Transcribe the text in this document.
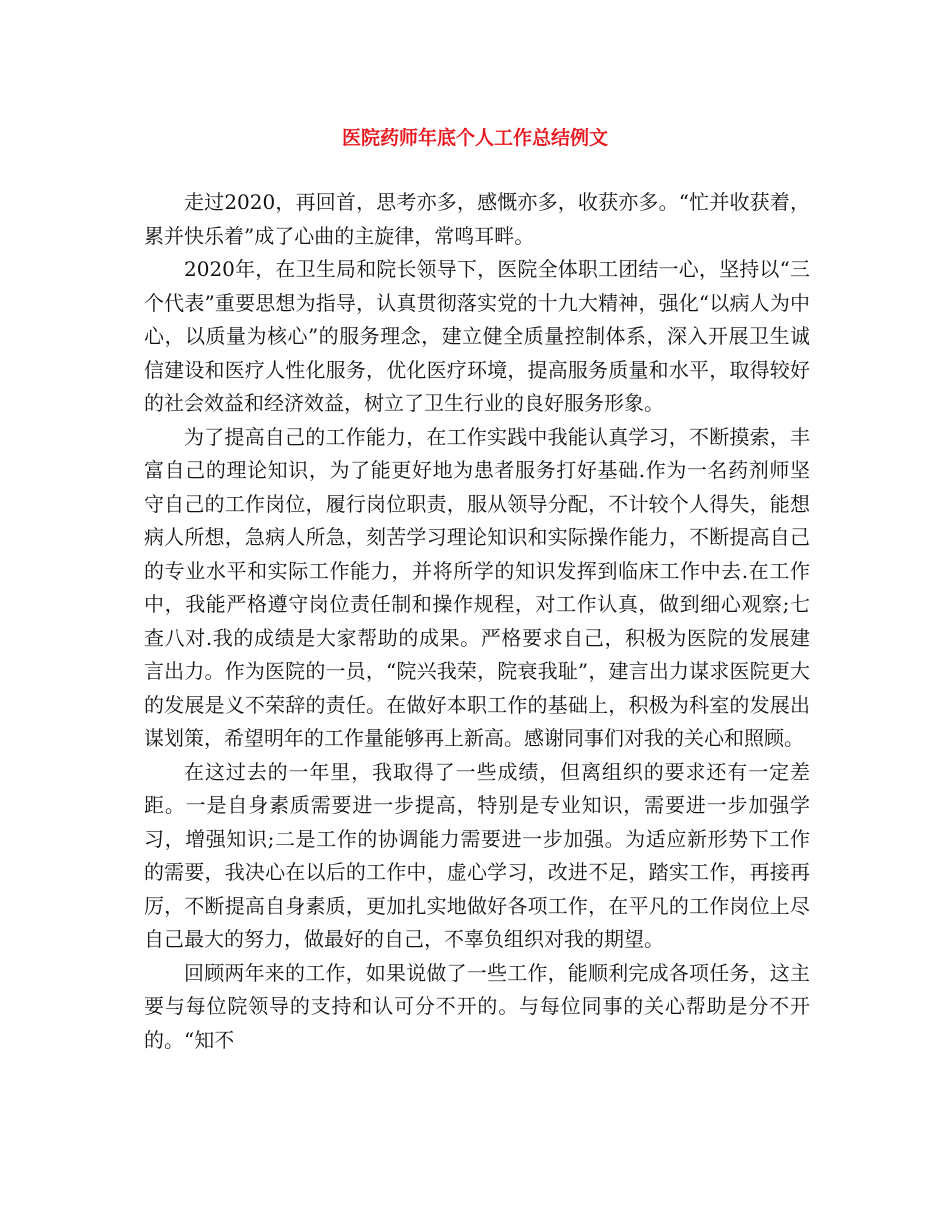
医院药师年底个人工作总结例文

走过2020，再回首，思考亦多，感慨亦多，收获亦多。“忙并收获着，累并快乐着”成了心曲的主旋律，常鸣耳畔。

2020年，在卫生局和院长领导下，医院全体职工团结一心，坚持以“三个代表”重要思想为指导，认真贯彻落实党的十九大精神，强化“以病人为中心，以质量为核心”的服务理念，建立健全质量控制体系，深入开展卫生诚信建设和医疗人性化服务，优化医疗环境，提高服务质量和水平，取得较好的社会效益和经济效益，树立了卫生行业的良好服务形象。

为了提高自己的工作能力，在工作实践中我能认真学习，不断摸索，丰富自己的理论知识，为了能更好地为患者服务打好基础.作为一名药剂师坚守自己的工作岗位，履行岗位职责，服从领导分配，不计较个人得失，能想病人所想，急病人所急，刻苦学习理论知识和实际操作能力，不断提高自己的专业水平和实际工作能力，并将所学的知识发挥到临床工作中去.在工作中，我能严格遵守岗位责任制和操作规程，对工作认真，做到细心观察;七查八对.我的成绩是大家帮助的成果。严格要求自己，积极为医院的发展建言出力。作为医院的一员，“院兴我荣，院衰我耻”，建言出力谋求医院更大的发展是义不荣辞的责任。在做好本职工作的基础上，积极为科室的发展出谋划策，希望明年的工作量能够再上新高。感谢同事们对我的关心和照顾。

在这过去的一年里，我取得了一些成绩，但离组织的要求还有一定差距。一是自身素质需要进一步提高，特别是专业知识，需要进一步加强学习，增强知识;二是工作的协调能力需要进一步加强。为适应新形势下工作的需要，我决心在以后的工作中，虚心学习，改进不足，踏实工作，再接再厉，不断提高自身素质，更加扎实地做好各项工作，在平凡的工作岗位上尽自己最大的努力，做最好的自己，不辜负组织对我的期望。

回顾两年来的工作，如果说做了一些工作，能顺利完成各项任务，这主要与每位院领导的支持和认可分不开的。与每位同事的关心帮助是分不开的。“知不
